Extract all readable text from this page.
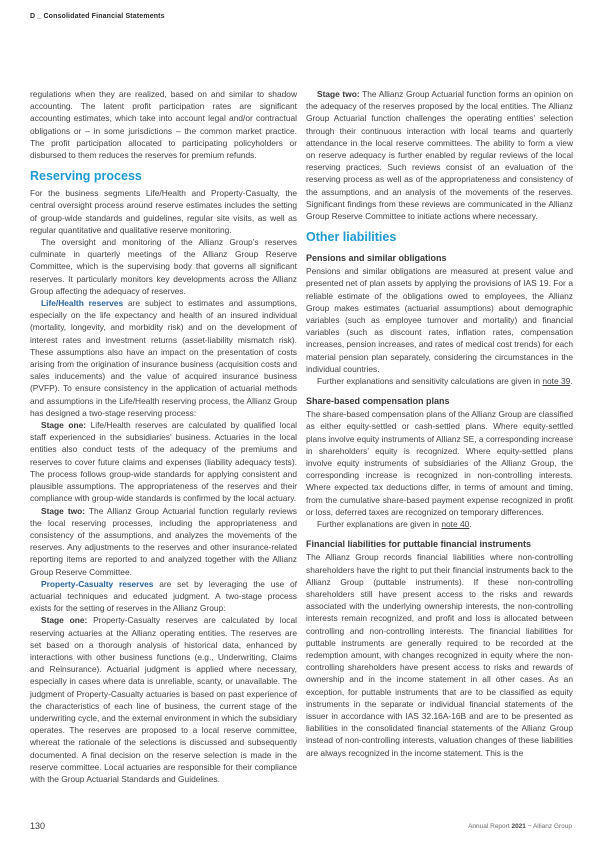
D _ Consolidated Financial Statements

regulations when they are realized, based on and similar to shadow accounting. The latent profit participation rates are significant accounting estimates, which take into account legal and/or contractual obligations or – in some jurisdictions – the common market practice. The profit participation allocated to participating policyholders or disbursed to them reduces the reserves for premium refunds.

Reserving process

For the business segments Life/Health and Property-Casualty, the central oversight process around reserve estimates includes the setting of group-wide standards and guidelines, regular site visits, as well as regular quantitative and qualitative reserve monitoring.

The oversight and monitoring of the Allianz Group’s reserves culminate in quarterly meetings of the Allianz Group Reserve Committee, which is the supervising body that governs all significant reserves. It particularly monitors key developments across the Allianz Group affecting the adequacy of reserves.

Life/Health reserves are subject to estimates and assumptions, especially on the life expectancy and health of an insured individual (mortality, longevity, and morbidity risk) and on the development of interest rates and investment returns (asset-liability mismatch risk). These assumptions also have an impact on the presentation of costs arising from the origination of insurance business (acquisition costs and sales inducements) and the value of acquired insurance business (PVFP). To ensure consistency in the application of actuarial methods and assumptions in the Life/Health reserving process, the Allianz Group has designed a two-stage reserving process:

Stage one: Life/Health reserves are calculated by qualified local staff experienced in the subsidiaries’ business. Actuaries in the local entities also conduct tests of the adequacy of the premiums and reserves to cover future claims and expenses (liability adequacy tests). The process follows group-wide standards for applying consistent and plausible assumptions. The appropriateness of the reserves and their compliance with group-wide standards is confirmed by the local actuary.

Stage two: The Allianz Group Actuarial function regularly reviews the local reserving processes, including the appropriateness and consistency of the assumptions, and analyzes the movements of the reserves. Any adjustments to the reserves and other insurance-related reporting items are reported to and analyzed together with the Allianz Group Reserve Committee.

Property-Casualty reserves are set by leveraging the use of actuarial techniques and educated judgment. A two-stage process exists for the setting of reserves in the Allianz Group:

Stage one: Property-Casualty reserves are calculated by local reserving actuaries at the Allianz operating entities. The reserves are set based on a thorough analysis of historical data, enhanced by interactions with other business functions (e.g., Underwriting, Claims and Reinsurance). Actuarial judgment is applied where necessary, especially in cases where data is unreliable, scanty, or unavailable. The judgment of Property-Casualty actuaries is based on past experience of the characteristics of each line of business, the current stage of the underwriting cycle, and the external environment in which the subsidiary operates. The reserves are proposed to a local reserve committee, whereat the rationale of the selections is discussed and subsequently documented. A final decision on the reserve selection is made in the reserve committee. Local actuaries are responsible for their compliance with the Group Actuarial Standards and Guidelines.

Stage two: The Allianz Group Actuarial function forms an opinion on the adequacy of the reserves proposed by the local entities. The Allianz Group Actuarial function challenges the operating entities’ selection through their continuous interaction with local teams and quarterly attendance in the local reserve committees. The ability to form a view on reserve adequacy is further enabled by regular reviews of the local reserving practices. Such reviews consist of an evaluation of the reserving process as well as of the appropriateness and consistency of the assumptions, and an analysis of the movements of the reserves. Significant findings from these reviews are communicated in the Allianz Group Reserve Committee to initiate actions where necessary.

Other liabilities
Pensions and similar obligations

Pensions and similar obligations are measured at present value and presented net of plan assets by applying the provisions of IAS 19. For a reliable estimate of the obligations owed to employees, the Allianz Group makes estimates (actuarial assumptions) about demographic variables (such as employee turnover and mortality) and financial variables (such as discount rates, inflation rates, compensation increases, pension increases, and rates of medical cost trends) for each material pension plan separately, considering the circumstances in the individual countries.

Further explanations and sensitivity calculations are given in note 39.

Share-based compensation plans

The share-based compensation plans of the Allianz Group are classified as either equity-settled or cash-settled plans. Where equity-settled plans involve equity instruments of Allianz SE, a corresponding increase in shareholders’ equity is recognized. Where equity-settled plans involve equity instruments of subsidiaries of the Allianz Group, the corresponding increase is recognized in non-controlling interests. Where expected tax deductions differ, in terms of amount and timing, from the cumulative share-based payment expense recognized in profit or loss, deferred taxes are recognized on temporary differences.

Further explanations are given in note 40.

Financial liabilities for puttable financial instruments

The Allianz Group records financial liabilities where non-controlling shareholders have the right to put their financial instruments back to the Allianz Group (puttable instruments). If these non-controlling shareholders still have present access to the risks and rewards associated with the underlying ownership interests, the non-controlling interests remain recognized, and profit and loss is allocated between controlling and non-controlling interests. The financial liabilities for puttable instruments are generally required to be recorded at the redemption amount, with changes recognized in equity where the non-controlling shareholders have present access to risks and rewards of ownership and in the income statement in all other cases. As an exception, for puttable instruments that are to be classified as equity instruments in the separate or individual financial statements of the issuer in accordance with IAS 32.16A-16B and are to be presented as liabilities in the consolidated financial statements of the Allianz Group instead of non-controlling interests, valuation changes of these liabilities are always recognized in the income statement. This is the

130	Annual Report 2021 − Allianz Group
